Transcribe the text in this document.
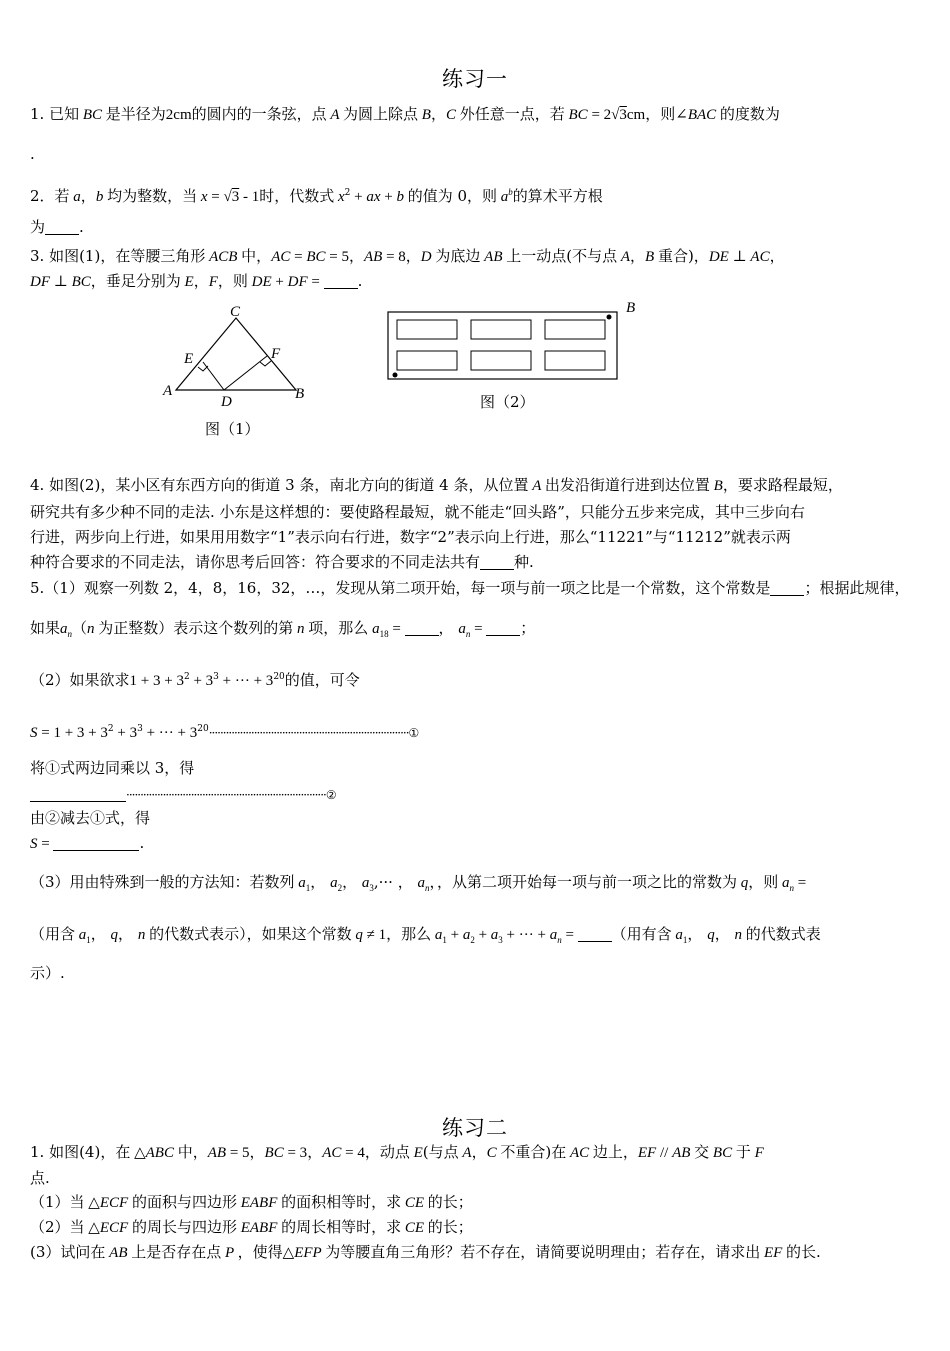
练习一
1. 已知 BC 是半径为2cm的圆内的一条弦，点 A 为圆上除点 B，C 外任意一点，若 BC = 2√3cm，则∠BAC 的度数为
.
2．若 a，b 均为整数，当 x = √3 - 1时，代数式 $x^2$ + ax + b 的值为 0，则 $a^b$的算术平方根
为 .
3. 如图(1)，在等腰三角形 ACB 中，AC = BC = 5，AB = 8，D 为底边 AB 上一动点(不与点 A，B 重合)，DE ⊥ AC，
DF ⊥ BC，垂足分别为 E，F，则 DE + DF = .
C
E	F
A
D	B
图（1）
B
图（2）
4. 如图(2)，某小区有东西方向的街道 3 条，南北方向的街道 4 条，从位置 A 出发沿街道行进到达位置 B，要求路程最短，
研究共有多少种不同的走法. 小东是这样想的：要使路程最短，就不能走“回头路”，只能分五步来完成，其中三步向右
行进，两步向上行进，如果用用数字“1”表示向右行进，数字“2”表示向上行进，那么“11221”与“11212”就表示两
种符合要求的不同走法，请你思考后回答：符合要求的不同走法共有 种.
5.（1）观察一列数 2，4，8，16，32，…，发现从第二项开始，每一项与前一项之比是一个常数，这个常数是 ；根据此规律，
如果$a_n(n$ 为正整数）表示这个数列的第 n 项，那么 $a_{18}$ = ， $a_n$ = ；
（2）如果欲求$1 + 3 + 3^2 + 3^3$ + ··· + $3^{20}$的值，可令
$S = 1 + 3 + 3^2 + 3^3$ + ··· + $3^{20}\cdot\cdot\cdot\cdot\cdot\cdot\cdot\cdot\cdot\cdot\cdot\cdot\cdot\cdot\cdot\cdot\cdot\cdot\cdot\cdot\cdot\cdot\cdot\cdot\cdot\cdot\cdot\cdot\cdot\cdot\cdot\cdot\cdot\cdot\cdot\cdot\cdot\cdot\cdot\cdot\cdot\cdot\cdot\cdot\cdot\cdot\cdot\cdot\cdot\cdot\cdot\cdot\cdot\cdot\cdot\cdot\cdot\cdot\cdot\cdot\cdot\cdot\cdot\cdot\cdot\cdot\cdot\cdot\cdot\cdot\cdot ①$
将①式两边同乘以 3，得
·······································································②
由②减去①式，得
S =	.
（3）用由特殊到一般的方法知：若数列 $a_1$， $a_2$， $a_3,\cdot\cdot\cdot$ ， $a_n$，，从第二项开始每一项与前一项之比的常数为 q，则 $a_n$ =
（用含 $a_1$， q， n 的代数式表示），如果这个常数 q ≠ 1，那么 $a_1 + a_2 + a_3$ + ··· + $a_n$ = （用有含 $a_1$， q， n 的代数式表
示）.
练习二
1. 如图(4)，在 △ABC 中，AB = 5，BC = 3，AC = 4，动点 E(与点 A，C 不重合)在 AC 边上，EF // AB 交 BC 于 F
点.
（1）当 △ECF 的面积与四边形 EABF 的面积相等时，求 CE 的长；
（2）当 △ECF 的周长与四边形 EABF 的周长相等时，求 CE 的长；
(3）试问在 AB 上是否存在点 P ，使得△EFP 为等腰直角三角形？若不存在，请简要说明理由；若存在，请求出 EF 的长.
